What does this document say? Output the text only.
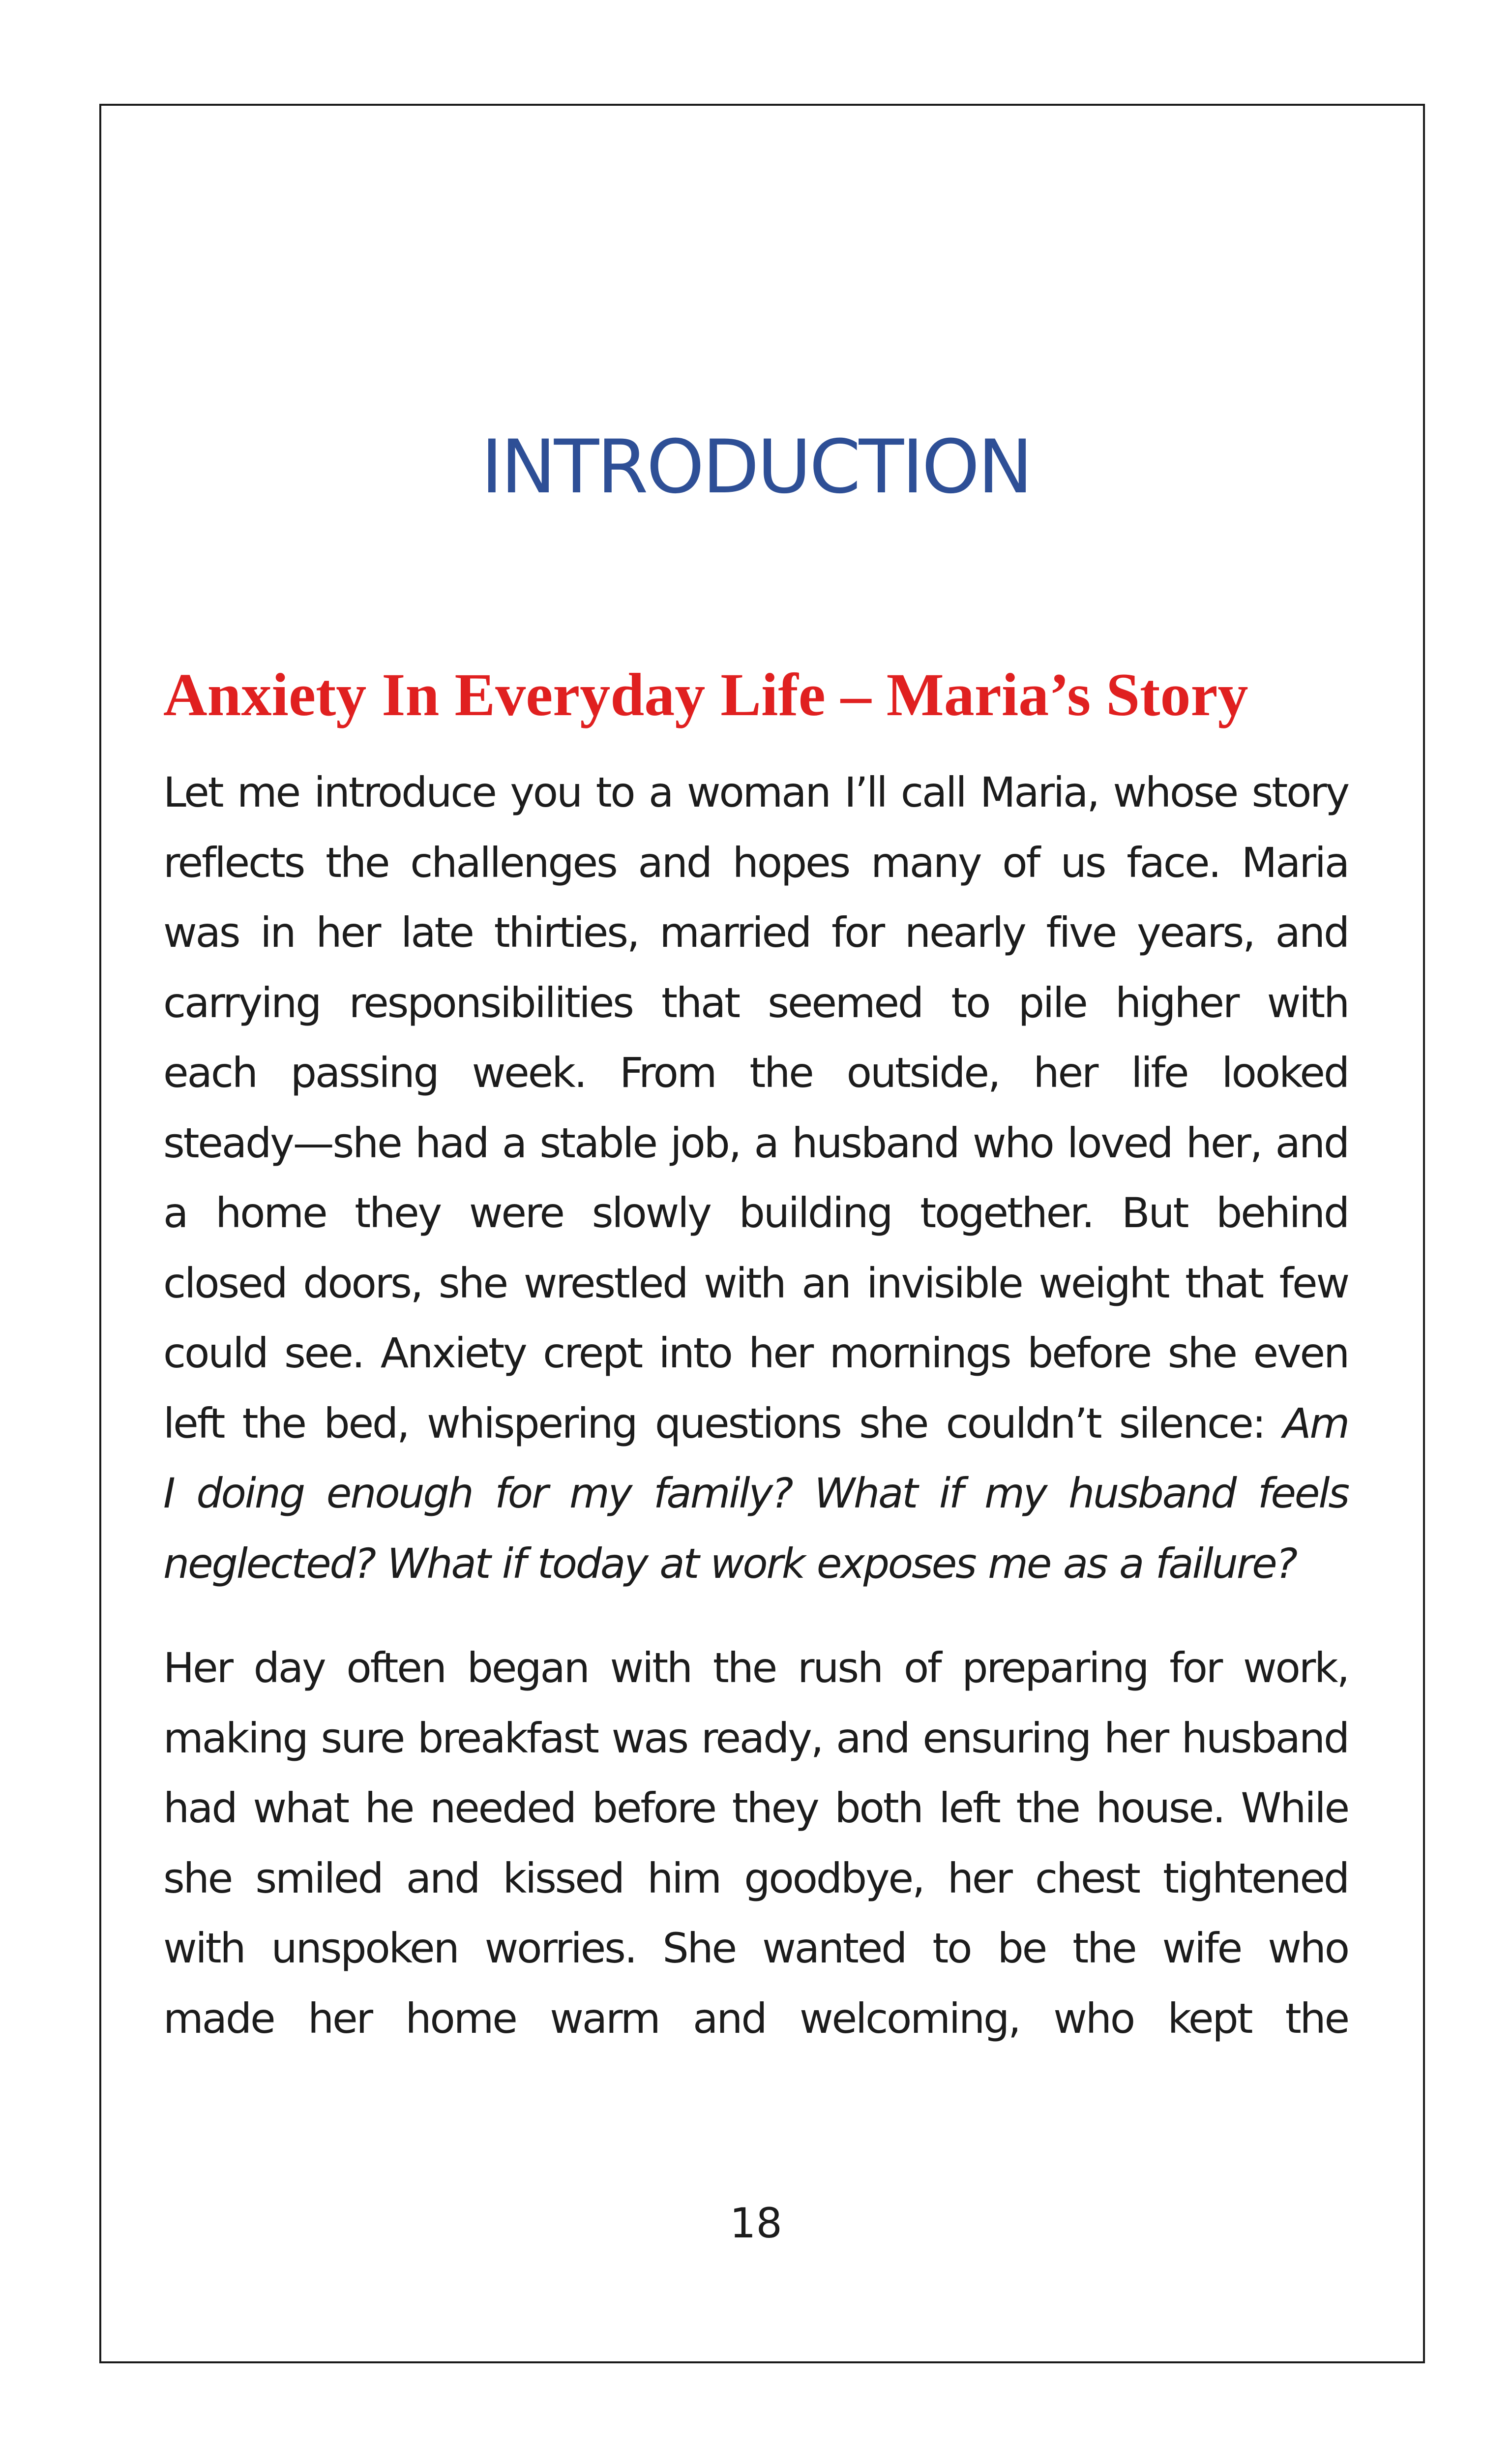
INTRODUCTION
Anxiety In Everyday Life – Maria’s Story
Let me introduce you to a woman I’ll call Maria, whose story
reflects the challenges and hopes many of us face. Maria
was in her late thirties, married for nearly five years, and
carrying responsibilities that seemed to pile higher with
each passing week. From the outside, her life looked
steady—she had a stable job, a husband who loved her, and
a home they were slowly building together. But behind
closed doors, she wrestled with an invisible weight that few
could see. Anxiety crept into her mornings before she even
left the bed, whispering questions she couldn’t silence: Am
I doing enough for my family? What if my husband feels
neglected? What if today at work exposes me as a failure?
Her day often began with the rush of preparing for work,
making sure breakfast was ready, and ensuring her husband
had what he needed before they both left the house. While
she smiled and kissed him goodbye, her chest tightened
with unspoken worries. She wanted to be the wife who
made her home warm and welcoming, who kept the
18
